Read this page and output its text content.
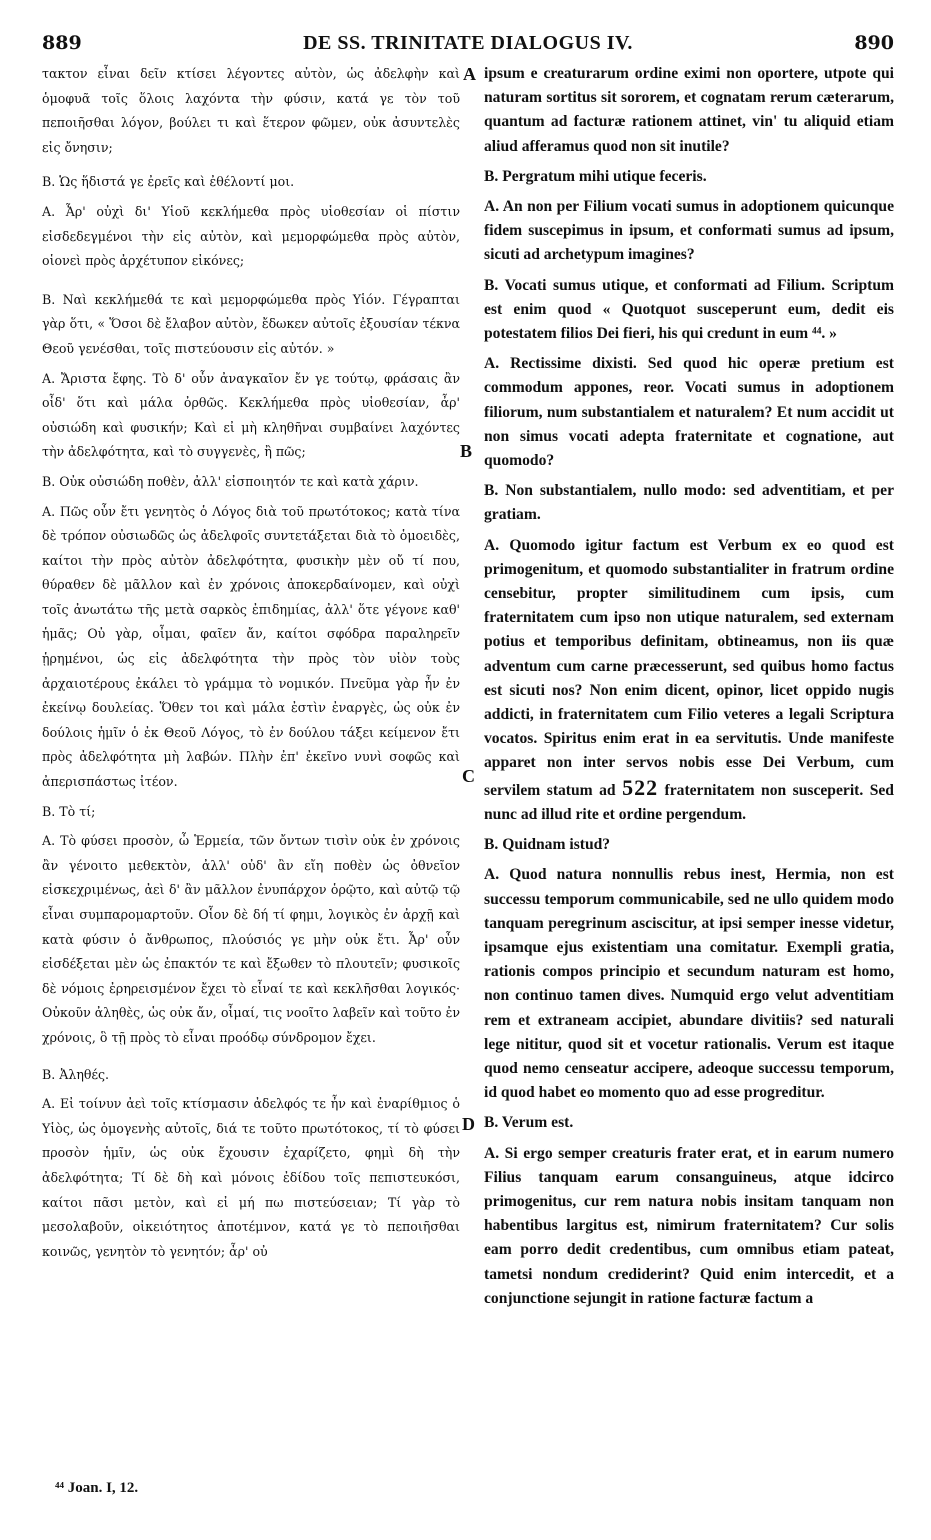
889	DE SS. TRINITATE DIALOGUS IV.	890

τακτον εἶναι δεῖν κτίσει λέγοντες αὐτὸν, ὡς ἀδελφὴν καὶ ὁμοφυᾶ τοῖς ὅλοις λαχόντα τὴν φύσιν, κατά γε τὸν τοῦ πεποιῆσθαι λόγον, βούλει τι καὶ ἕτερον φῶμεν, οὐκ ἀσυντελὲς εἰς ὄνησιν;

Β. Ὡς ἥδιστά γε ἐρεῖς καὶ ἐθέλοντί μοι.

Α. Ἆρ' οὐχὶ δι' Υἱοῦ κεκλήμεθα πρὸς υἱοθεσίαν οἱ πίστιν εἰσδεδεγμένοι τὴν εἰς αὐτὸν, καὶ μεμορφώμεθα πρὸς αὐτὸν, οἱονεὶ πρὸς ἀρχέτυπον εἰκόνες;

Β. Ναὶ κεκλήμεθά τε καὶ μεμορφώμεθα πρὸς Υἱόν. Γέγραπται γὰρ ὅτι, « Ὅσοι δὲ ἔλαβον αὐτὸν, ἔδωκεν αὐτοῖς ἐξουσίαν τέκνα Θεοῦ γενέσθαι, τοῖς πιστεύουσιν εἰς αὐτόν. »

Α. Ἄριστα ἔφης. Τὸ δ' οὖν ἀναγκαῖον ἔν γε τούτῳ, φράσαις ἂν οἶδ' ὅτι καὶ μάλα ὀρθῶς. Κεκλήμεθα πρὸς υἱοθεσίαν, ἆρ' οὐσιώδη καὶ φυσικήν; Καὶ εἰ μὴ κληθῆναι συμβαίνει λαχόντες τὴν ἀδελφότητα, καὶ τὸ συγγενὲς, ἢ πῶς;

Β. Οὐκ οὐσιώδη ποθὲν, ἀλλ' εἰσποιητόν τε καὶ κατὰ χάριν.

Α. Πῶς οὖν ἔτι γενητὸς ὁ Λόγος διὰ τοῦ πρωτότοκος; κατὰ τίνα δὲ τρόπον οὐσιωδῶς ὡς ἀδελφοῖς συντετάξεται διὰ τὸ ὁμοειδὲς, καίτοι τὴν πρὸς αὐτὸν ἀδελφότητα, φυσικὴν μὲν οὔ τί που, θύραθεν δὲ μᾶλλον καὶ ἐν χρόνοις ἀποκερδαίνομεν, καὶ οὐχὶ τοῖς ἀνωτάτω τῆς μετὰ σαρκὸς ἐπιδημίας, ἀλλ' ὅτε γέγονε καθ' ἡμᾶς; Οὐ γὰρ, οἶμαι, φαῖεν ἄν, καίτοι σφόδρα παραληρεῖν ᾑρημένοι, ὡς εἰς ἀδελφότητα τὴν πρὸς τὸν υἱὸν τοὺς ἀρχαιοτέρους ἐκάλει τὸ γράμμα τὸ νομικόν. Πνεῦμα γὰρ ἦν ἐν ἐκείνῳ δουλείας. Ὅθεν τοι καὶ μάλα ἐστὶν ἐναργὲς, ὡς οὐκ ἐν δούλοις ἡμῖν ὁ ἐκ Θεοῦ Λόγος, τὸ ἐν δούλου τάξει κείμενον ἔτι πρὸς ἀδελφότητα μὴ λαβών. Πλὴν ἐπ' ἐκεῖνο νυνὶ σοφῶς καὶ ἀπερισπάστως ἰτέον.

Β. Τὸ τί;

Α. Τὸ φύσει προσὸν, ὦ Ἑρμεία, τῶν ὄντων τισὶν οὐκ ἐν χρόνοις ἂν γένοιτο μεθεκτὸν, ἀλλ' οὐδ' ἂν εἴη ποθὲν ὡς ὀθνεῖον εἰσκεχριμένως, ἀεὶ δ' ἂν μᾶλλον ἐνυπάρχον ὁρῷτο, καὶ αὐτῷ τῷ εἶναι συμπαρομαρτοῦν. Οἷον δὲ δή τί φημι, λογικὸς ἐν ἀρχῇ καὶ κατὰ φύσιν ὁ ἄνθρωπος, πλούσιός γε μὴν οὐκ ἔτι. Ἆρ' οὖν εἰσδέξεται μὲν ὡς ἐπακτόν τε καὶ ἔξωθεν τὸ πλουτεῖν; φυσικοῖς δὲ νόμοις ἐρηρεισμένον ἔχει τὸ εἶναί τε καὶ κεκλῆσθαι λογικός· Οὐκοῦν ἀληθὲς, ὡς οὐκ ἄν, οἶμαί, τις νοοῖτο λαβεῖν καὶ τοῦτο ἐν χρόνοις, ὃ τῇ πρὸς τὸ εἶναι προόδῳ σύνδρομον ἔχει.

Β. Ἀληθές.

Α. Εἰ τοίνυν ἀεὶ τοῖς κτίσμασιν ἀδελφός τε ἦν καὶ ἐναρίθμιος ὁ Υἱὸς, ὡς ὁμογενὴς αὐτοῖς, διά τε τοῦτο πρωτότοκος, τί τὸ φύσει προσὸν ἡμῖν, ὡς οὐκ ἔχουσιν ἐχαρίζετο, φημὶ δὴ τὴν ἀδελφότητα; Τί δὲ δὴ καὶ μόνοις ἐδίδου τοῖς πεπιστευκόσι, καίτοι πᾶσι μετὸν, καὶ εἰ μή πω πιστεύσειαν; Τί γὰρ τὸ μεσολαβοῦν, οἰκειότητος ἀποτέμνον, κατά γε τὸ πεποιῆσθαι κοινῶς, γενητὸν τὸ γενητόν; ἆρ' οὐ

A
B
C
D

ipsum e creaturarum ordine eximi non oportere, utpote qui naturam sortitus sit sororem, et cognatam rerum cæterarum, quantum ad facturæ rationem attinet, vin' tu aliquid etiam aliud afferamus quod non sit inutile?

B. Pergratum mihi utique feceris.

A. An non per Filium vocati sumus in adoptionem quicunque fidem suscepimus in ipsum, et conformati sumus ad ipsum, sicuti ad archetypum imagines?

B. Vocati sumus utique, et conformati ad Filium. Scriptum est enim quod « Quotquot susceperunt eum, dedit eis potestatem filios Dei fieri, his qui credunt in eum ⁴⁴. »

A. Rectissime dixisti. Sed quod hic operæ pretium est commodum appones, reor. Vocati sumus in adoptionem filiorum, num substantialem et naturalem? Et num accidit ut non simus vocati adepta fraternitate et cognatione, aut quomodo?

B. Non substantialem, nullo modo: sed adventitiam, et per gratiam.

A. Quomodo igitur factum est Verbum ex eo quod est primogenitum, et quomodo substantialiter in fratrum ordine censebitur, propter similitudinem cum ipsis, cum fraternitatem cum ipso non utique naturalem, sed externam potius et temporibus definitam, obtineamus, non iis quæ adventum cum carne præcesserunt, sed quibus homo factus est sicuti nos? Non enim dicent, opinor, licet oppido nugis addicti, in fraternitatem cum Filio veteres a legali Scriptura vocatos. Spiritus enim erat in ea servitutis. Unde manifeste apparet non inter servos nobis esse Dei Verbum, cum servilem statum ad 522 fraternitatem non susceperit. Sed nunc ad illud rite et ordine pergendum.

B. Quidnam istud?

A. Quod natura nonnullis rebus inest, Hermia, non est successu temporum communicabile, sed ne ullo quidem modo tanquam peregrinum asciscitur, at ipsi semper inesse videtur, ipsamque ejus existentiam una comitatur. Exempli gratia, rationis compos principio et secundum naturam est homo, non continuo tamen dives. Numquid ergo velut adventitiam rem et extraneam accipiet, abundare divitiis? sed naturali lege nititur, quod sit et vocetur rationalis. Verum est itaque quod nemo censeatur accipere, adeoque successu temporum, id quod habet eo momento quo ad esse progreditur.

B. Verum est.

A. Si ergo semper creaturis frater erat, et in earum numero Filius tanquam earum consanguineus, atque idcirco primogenitus, cur rem natura nobis insitam tanquam non habentibus largitus est, nimirum fraternitatem? Cur solis eam porro dedit credentibus, cum omnibus etiam pateat, tametsi nondum crediderint? Quid enim intercedit, et a conjunctione sejungit in ratione facturæ factum a

⁴⁴ Joan. I, 12.
